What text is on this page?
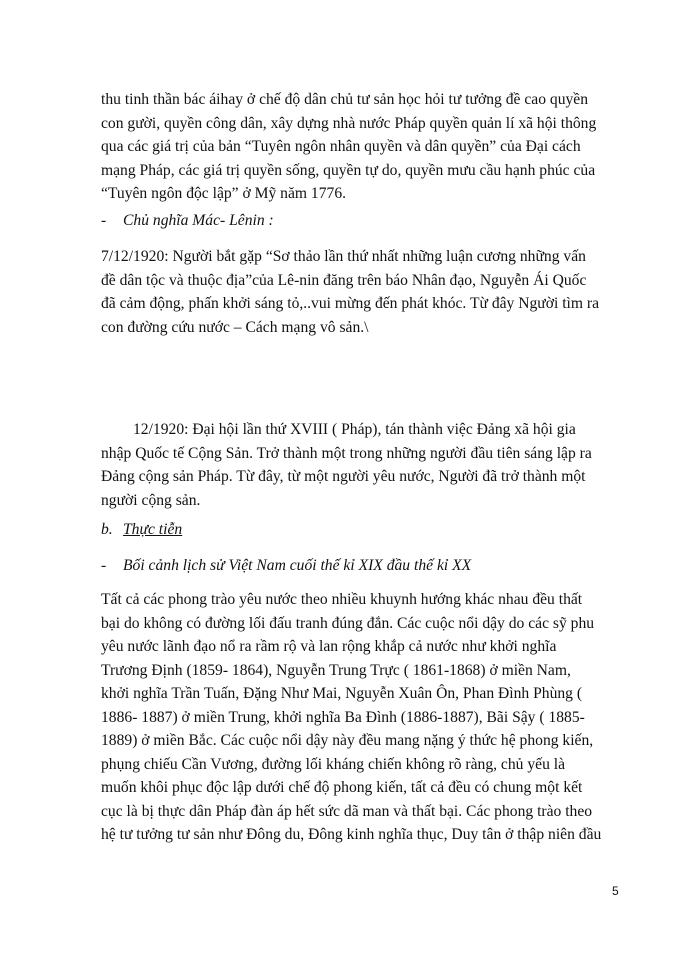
thu tinh thần bác áihay ở chế độ dân chủ tư sản học hỏi tư tưởng đề cao quyền
con gười, quyền công dân, xây dựng nhà nước Pháp quyền quản lí xã hội thông
qua các giá trị của bản “Tuyên ngôn nhân quyền và dân quyền” của Đại cách
mạng Pháp, các giá trị quyền sống, quyền tự do, quyền mưu cầu hạnh phúc của
“Tuyên ngôn độc lập” ở Mỹ năm 1776.
- Chủ nghĩa Mác- Lênin :
7/12/1920: Người bắt gặp “Sơ thảo lần thứ nhất những luận cương những vấn
đề dân tộc và thuộc địa”của Lê-nin đăng trên báo Nhân đạo, Nguyễn Ái Quốc
đã cảm động, phấn khởi sáng tỏ,..vui mừng đến phát khóc. Từ đây Người tìm ra
con đường cứu nước – Cách mạng vô sản.\
12/1920: Đại hội lần thứ XVIII ( Pháp), tán thành việc Đảng xã hội gia
nhập Quốc tế Cộng Sản. Trở thành một trong những người đầu tiên sáng lập ra
Đảng cộng sản Pháp. Từ đây, từ một người yêu nước, Người đã trở thành một
người cộng sản.
b. Thực tiễn
- Bối cảnh lịch sử Việt Nam cuối thế kỉ XIX đầu thế kỉ XX
Tất cả các phong trào yêu nước theo nhiều khuynh hướng khác nhau đều thất
bại do không có đường lối đấu tranh đúng đắn. Các cuộc nổi dậy do các sỹ phu
yêu nước lãnh đạo nổ ra rầm rộ và lan rộng khắp cả nước như khởi nghĩa
Trương Định (1859- 1864), Nguyễn Trung Trực ( 1861-1868) ở miền Nam,
khởi nghĩa Trần Tuấn, Đặng Như Mai, Nguyễn Xuân Ôn, Phan Đình Phùng (
1886- 1887) ở miền Trung, khởi nghĩa Ba Đình (1886-1887), Bãi Sậy ( 1885-
1889) ở miền Bắc. Các cuộc nổi dậy này đều mang nặng ý thức hệ phong kiến,
phụng chiếu Cần Vương, đường lối kháng chiến không rõ ràng, chủ yếu là
muốn khôi phục độc lập dưới chế độ phong kiến, tất cả đều có chung một kết
cục là bị thực dân Pháp đàn áp hết sức dã man và thất bại. Các phong trào theo
hệ tư tưởng tư sản như Đông du, Đông kinh nghĩa thục, Duy tân ở thập niên đầu
5
